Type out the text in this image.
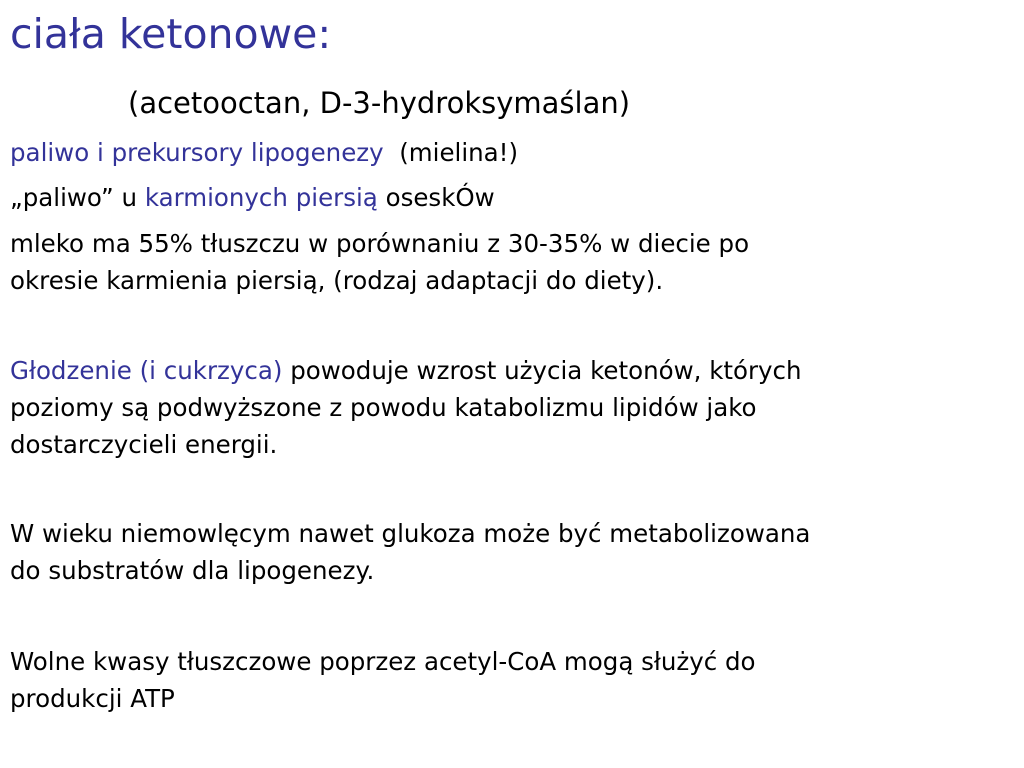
ciała ketonowe:
(acetooctan, D-3-hydroksymaślan)
paliwo i prekursory lipogenezy  (mielina!)
„paliwo” u karmionych piersią oseskÓw
mleko ma 55% tłuszczu w porównaniu z 30-35% w diecie po
okresie karmienia piersią, (rodzaj adaptacji do diety).
Głodzenie (i cukrzyca) powoduje wzrost użycia ketonów, których
poziomy są podwyższone z powodu katabolizmu lipidów jako
dostarczycieli energii.
W wieku niemowlęcym nawet glukoza może być metabolizowana
do substratów dla lipogenezy.
Wolne kwasy tłuszczowe poprzez acetyl-CoA mogą służyć do
produkcji ATP
